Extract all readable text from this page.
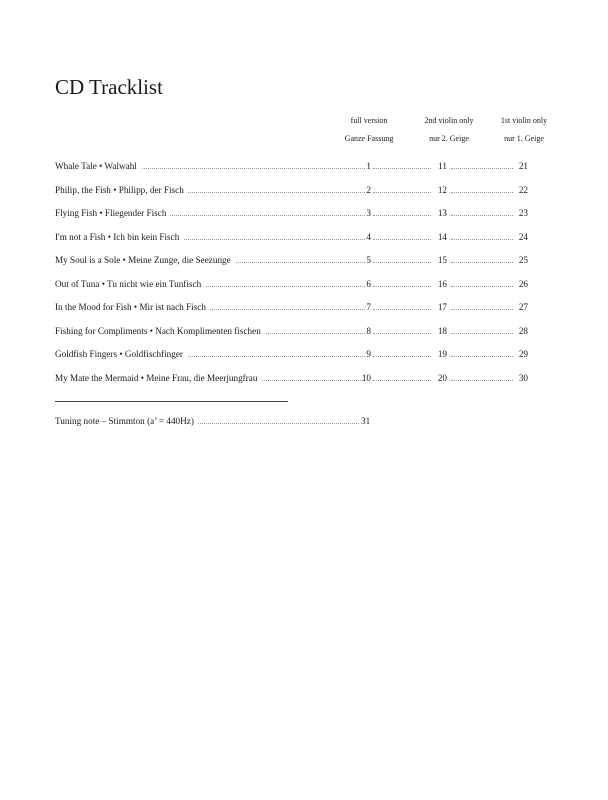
CD Tracklist
full version
Ganze Fassung
2nd violin only
nur 2. Geige
1st violin only
nur 1. Geige
Whale Tale • Walwahl	1	11	21
Philip, the Fish • Philipp, der Fisch	2	12	22
Flying Fish • Fliegender Fisch	3	13	23
I'm not a Fish • Ich bin kein Fisch	4	14	24
My Soul is a Sole • Meine Zunge, die Seezunge	5	15	25
Out of Tuna • Tu nicht wie ein Tunfisch	6	16	26
In the Mood for Fish • Mir ist nach Fisch	7	17	27
Fishing for Compliments • Nach Komplimenten fischen	8	18	28
Goldfish Fingers • Goldfischfinger	9	19	29
My Mate the Mermaid • Meine Frau, die Meerjungfrau	10	20	30
Tuning note – Stimmton (a’ = 440Hz)	31
